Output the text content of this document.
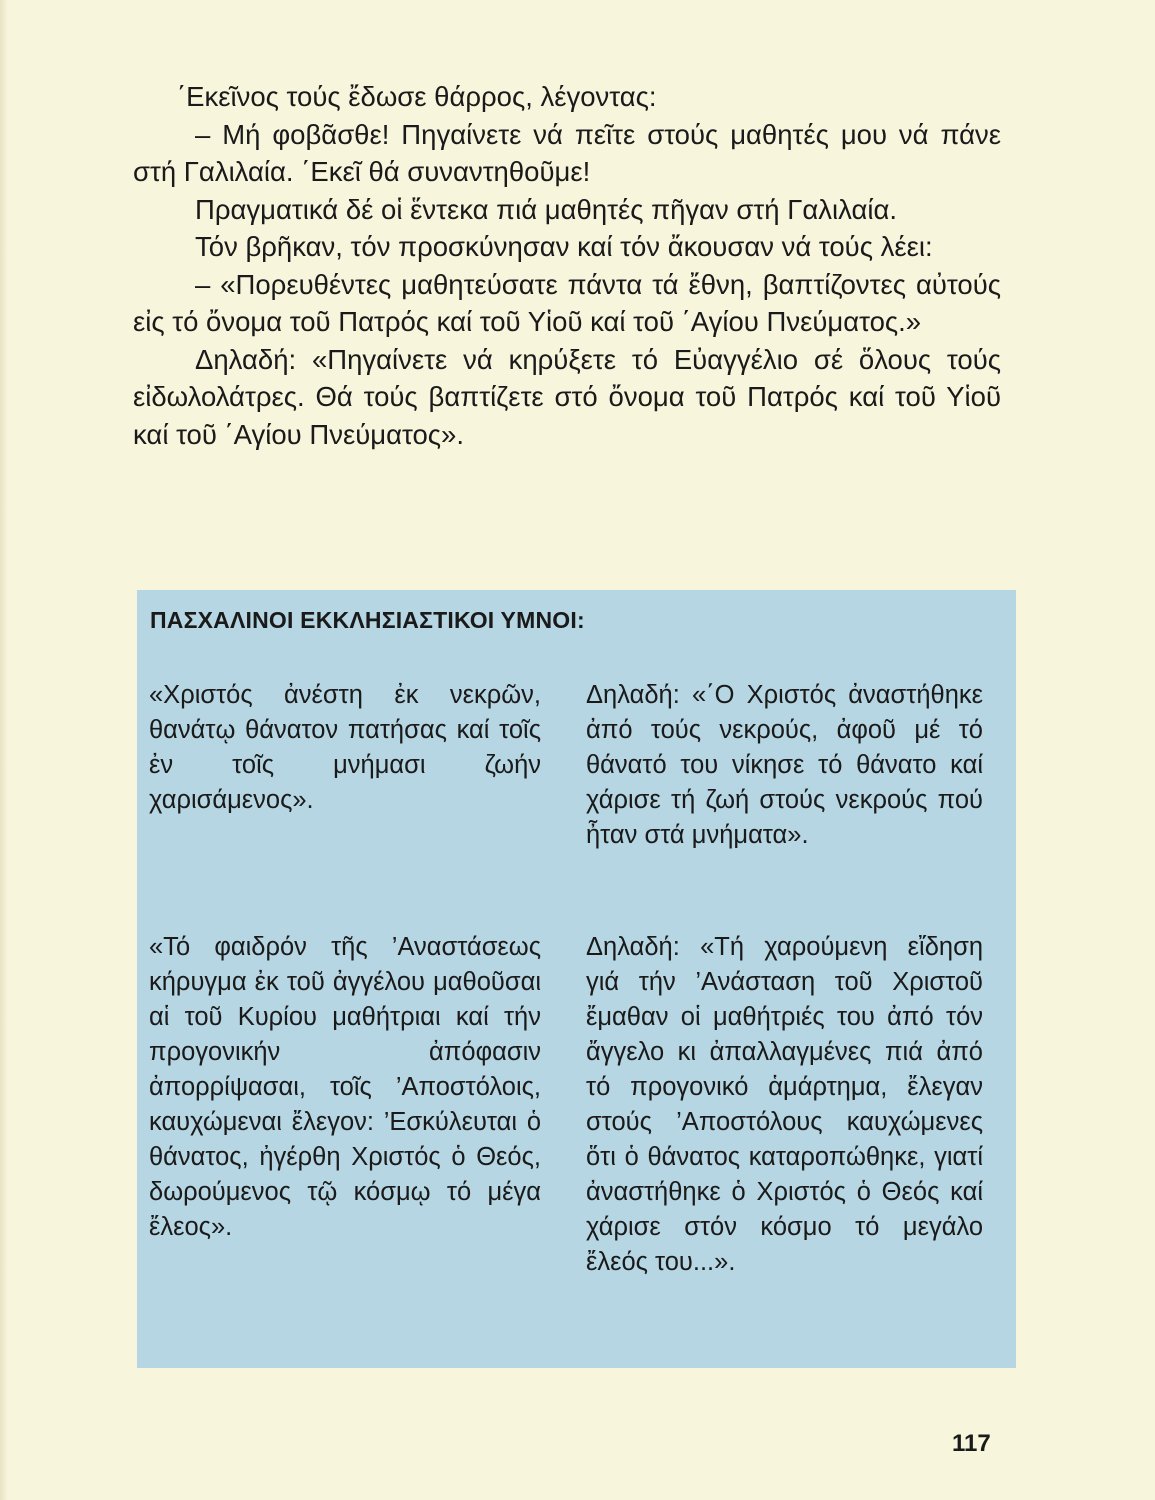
΄Εκεῖνος τούς ἔδωσε θάρρος, λέγοντας:

– Μή φοβᾶσθε! Πηγαίνετε νά πεῖτε στούς μαθητές μου νά πάνε στή Γαλιλαία. ΄Εκεῖ θά συναντηθοῦμε!

Πραγματικά δέ οἱ ἕντεκα πιά μαθητές πῆγαν στή Γαλιλαία.

Τόν βρῆκαν, τόν προσκύνησαν καί τόν ἄκουσαν νά τούς λέει:

– «Πορευθέντες μαθητεύσατε πάντα τά ἔθνη, βαπτίζοντες αὐτούς εἰς τό ὄνομα τοῦ Πατρός καί τοῦ Υἱοῦ καί τοῦ ΄Αγίου Πνεύματος.»

Δηλαδή: «Πηγαίνετε νά κηρύξετε τό Εὐαγγέλιο σέ ὅλους τούς εἰδωλολάτρες. Θά τούς βαπτίζετε στό ὄνομα τοῦ Πατρός καί τοῦ Υἱοῦ καί τοῦ ΄Αγίου Πνεύματος».

ΠΑΣΧΑΛΙΝΟΙ ΕΚΚΛΗΣΙΑΣΤΙΚΟΙ ΥΜΝΟΙ:

«Χριστός ἀνέστη ἐκ νεκρῶν, θανάτῳ θάνατον πατήσας καί τοῖς ἐν τοῖς μνήμασι ζωήν χαρισάμενος».

Δηλαδή: «΄Ο Χριστός ἀναστήθηκε ἀπό τούς νεκρούς, ἀφοῦ μέ τό θάνατό του νίκησε τό θάνατο καί χάρισε τή ζωή στούς νεκρούς πού ἦταν στά μνήματα».

«Τό φαιδρόν τῆς ’Αναστάσεως κήρυγμα ἐκ τοῦ ἀγγέλου μαθοῦσαι αἱ τοῦ Κυρίου μαθήτριαι καί τήν προγονικήν ἀπόφασιν ἀπορρίψασαι, τοῖς ’Αποστόλοις, καυχώμεναι ἔλεγον: ’Εσκύλευται ὁ θάνατος, ἠγέρθη Χριστός ὁ Θεός, δωρούμενος τῷ κόσμῳ τό μέγα ἔλεος».

Δηλαδή: «Τή χαρούμενη εἴδηση γιά τήν ’Ανάσταση τοῦ Χριστοῦ ἔμαθαν οἱ μαθήτριές του ἀπό τόν ἄγγελο κι ἀπαλλαγμένες πιά ἀπό τό προγονικό ἁμάρτημα, ἔλεγαν στούς ’Αποστόλους καυχώμενες ὅτι ὁ θάνατος καταροπώθηκε, γιατί ἀναστήθηκε ὁ Χριστός ὁ Θεός καί χάρισε στόν κόσμο τό μεγάλο ἔλεός του...».

117
